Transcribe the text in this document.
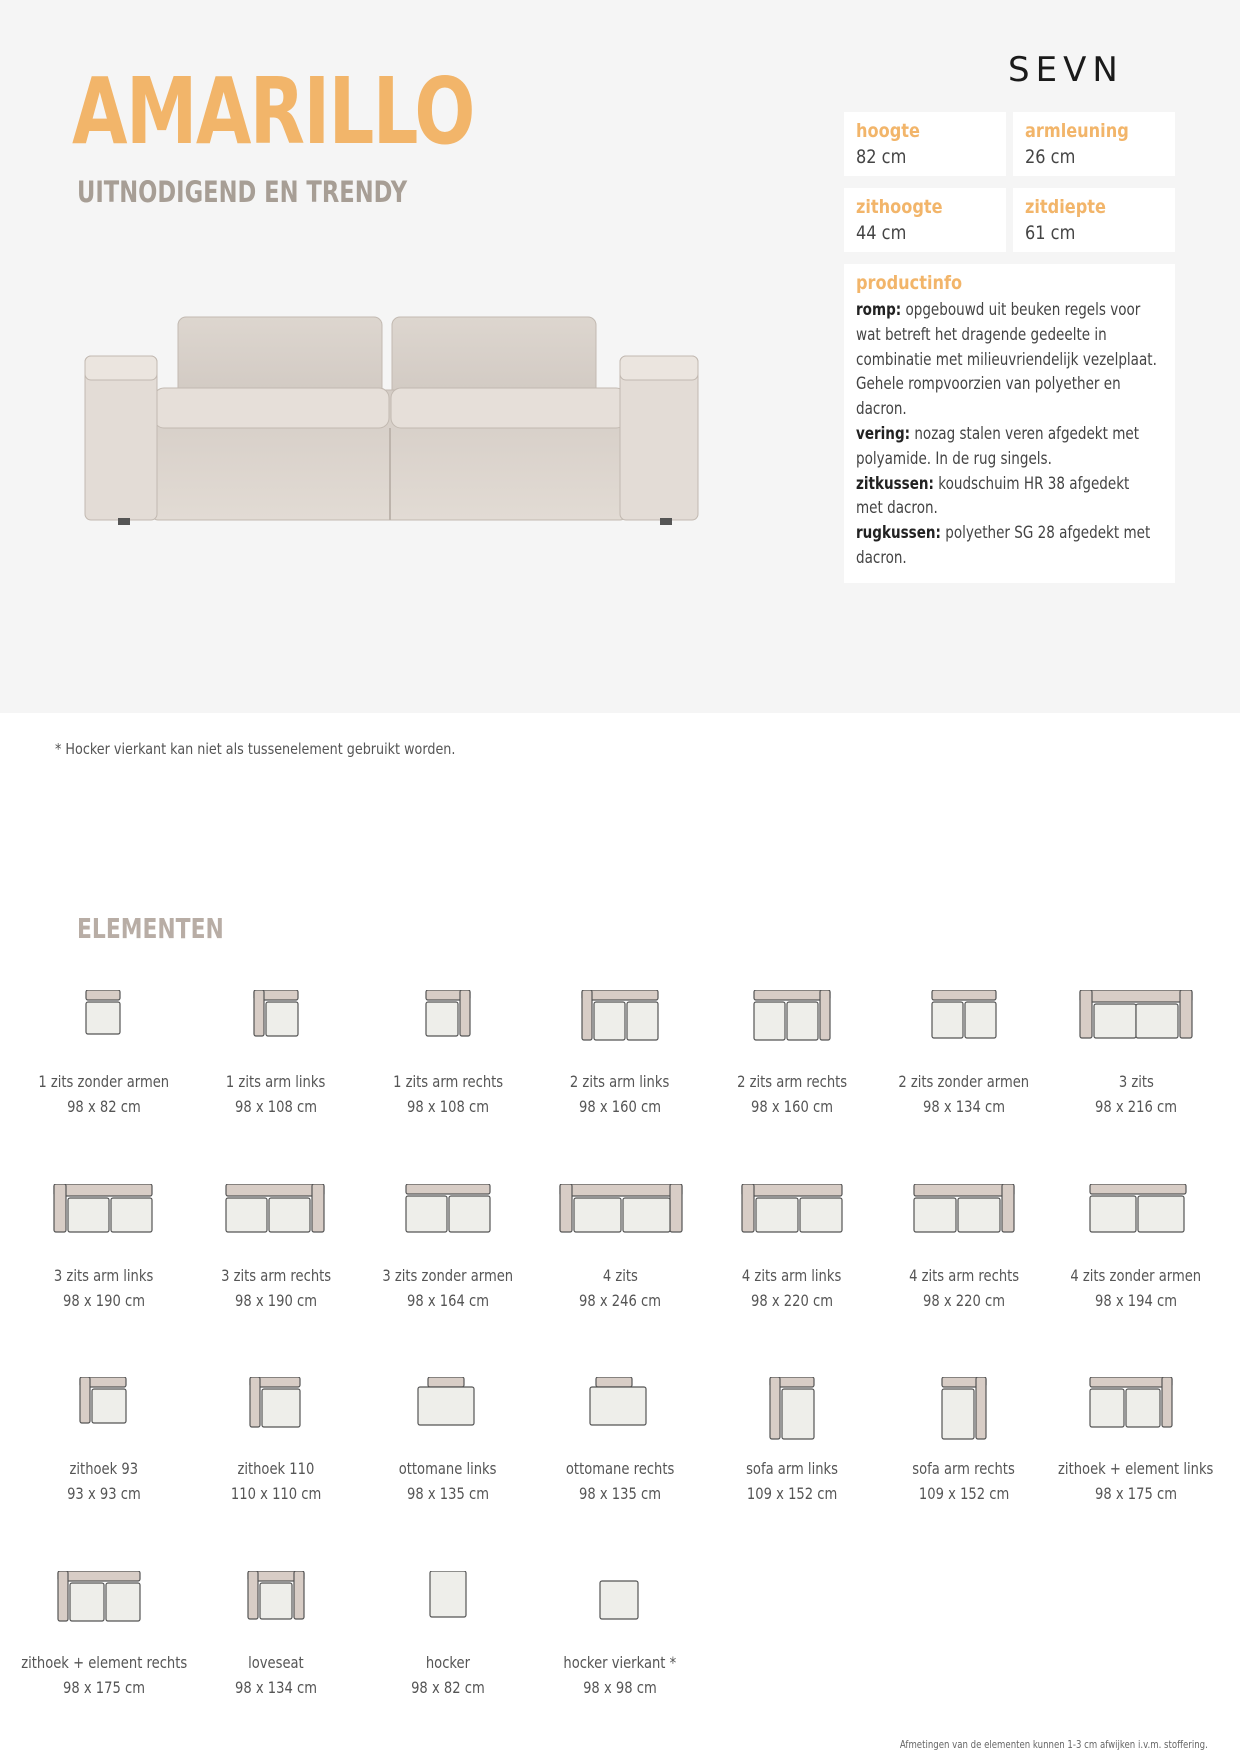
AMARILLO
UITNODIGEND EN TRENDY
SEVN
hoogte
82 cm
armleuning
26 cm
zithoogte
44 cm
zitdiepte
61 cm
productinfo
romp: opgebouwd uit beuken regels voor wat betreft het dragende gedeelte in combinatie met milieuvriendelijk vezelplaat. Gehele rompvoorzien van polyether en dacron.
vering: nozag stalen veren afgedekt met polyamide. In de rug singels.
zitkussen: koudschuim HR 38 afgedekt met dacron.
rugkussen: polyether SG 28 afgedekt met dacron.
* Hocker vierkant kan niet als tussenelement gebruikt worden.
ELEMENTEN
1 zits zonder armen
98 x 82 cm
1 zits arm links
98 x 108 cm
1 zits arm rechts
98 x 108 cm
2 zits arm links
98 x 160 cm
2 zits arm rechts
98 x 160 cm
2 zits zonder armen
98 x 134 cm
3 zits
98 x 216 cm
3 zits arm links
98 x 190 cm
3 zits arm rechts
98 x 190 cm
3 zits zonder armen
98 x 164 cm
4 zits
98 x 246 cm
4 zits arm links
98 x 220 cm
4 zits arm rechts
98 x 220 cm
4 zits zonder armen
98 x 194 cm
zithoek 93
93 x 93 cm
zithoek 110
110 x 110 cm
ottomane links
98 x 135 cm
ottomane rechts
98 x 135 cm
sofa arm links
109 x 152 cm
sofa arm rechts
109 x 152 cm
zithoek + element links
98 x 175 cm
zithoek + element rechts
98 x 175 cm
loveseat
98 x 134 cm
hocker
98 x 82 cm
hocker vierkant *
98 x 98 cm
Afmetingen van de elementen kunnen 1-3 cm afwijken i.v.m. stoffering.
